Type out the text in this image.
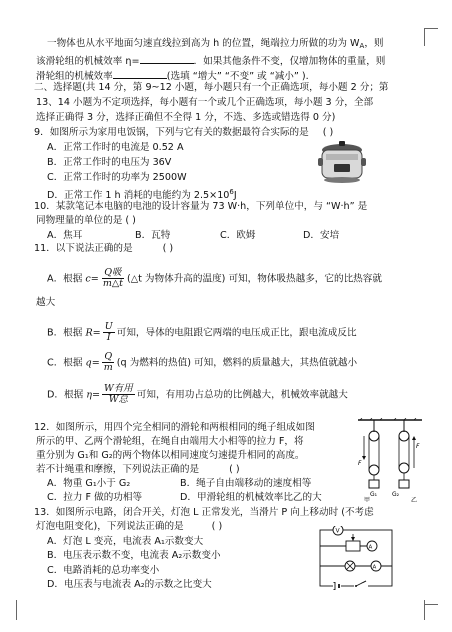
一物体也从水平地面匀速直线拉到高为 h 的位置，绳端拉力所做的功为 $W_A$，则
该滑轮组的机械效率 η=	．如果其他条件不变，仅增加物体的重量，则
滑轮组的机械效率	(选填 “增大” “不变” 或 “减小” ).
二、选择题(共 14 分，第 9~12 小题，每小题只有一个正确选项，每小题 2 分；第
13、14 小题为不定项选择，每小题有一个或几个正确选项，每小题 3 分，全部
选择正确得 3 分，选择正确但不全得 1 分，不选、多选或错选得 0 分)
9．如图所示为家用电饭锅，下列与它有关的数据最符合实际的是 ( )
A．正常工作时的电流是 0.52 A
B．正常工作时的电压为 36V
C．正常工作时的功率为 2500W
D．正常工作 1 h 消耗的电能约为 $2.5\times 10^6J$
10．某款笔记本电脑的电池的设计容量为 73 W·h，下列单位中，与 “W·h” 是
同物理量的单位的是 ( )
A．焦耳	B．瓦特	C．欧姆	D．安培
11．以下说法正确的是	( )
A．根据 $c= \frac{\text{Q吸}}{m\triangle t}$ (△t 为物体升高的温度) 可知，物体吸热越多，它的比热容就
越大
B．根据 $R= \frac{U}{I}$ 可知，导体的电阻跟它两端的电压成正比，跟电流成反比
C．根据 $q= \frac{Q}{m} (q$ 为燃料的热值) 可知，燃料的质量越大，其热值就越小
D．根据 $\eta= \frac{\text{W有用}}{\text{W总}}$ 可知，有用功占总功的比例越大，机械效率就越大
12．如图所示，用四个完全相同的滑轮和两根相同的绳子组成如图
所示的甲、乙两个滑轮组，在绳自由端用大小相等的拉力 F，将
重分别为 G₁和 G₂的两个物体以相同速度匀速提升相同的高度。
若不计绳重和摩擦，下列说法正确的是	( )
A．物重 G₁小于 G₂	B．绳子自由端移动的速度相等
C．拉力 F 做的功相等	D．甲滑轮组的机械效率比乙的大
F
G₁
甲
F
G₂
乙
13．如图所示电路，闭合开关，灯泡 L 正常发光，当滑片 P 向上移动时 (不考虑
灯泡电阻变化)，下列说法正确的是	( )
A．灯泡 L 变亮，电流表 A₁示数变大
B．电压表示数不变，电流表 A₂示数变小
C．电路消耗的总功率变小
D．电压表与电流表 A₂的示数之比变大
V
A
A
